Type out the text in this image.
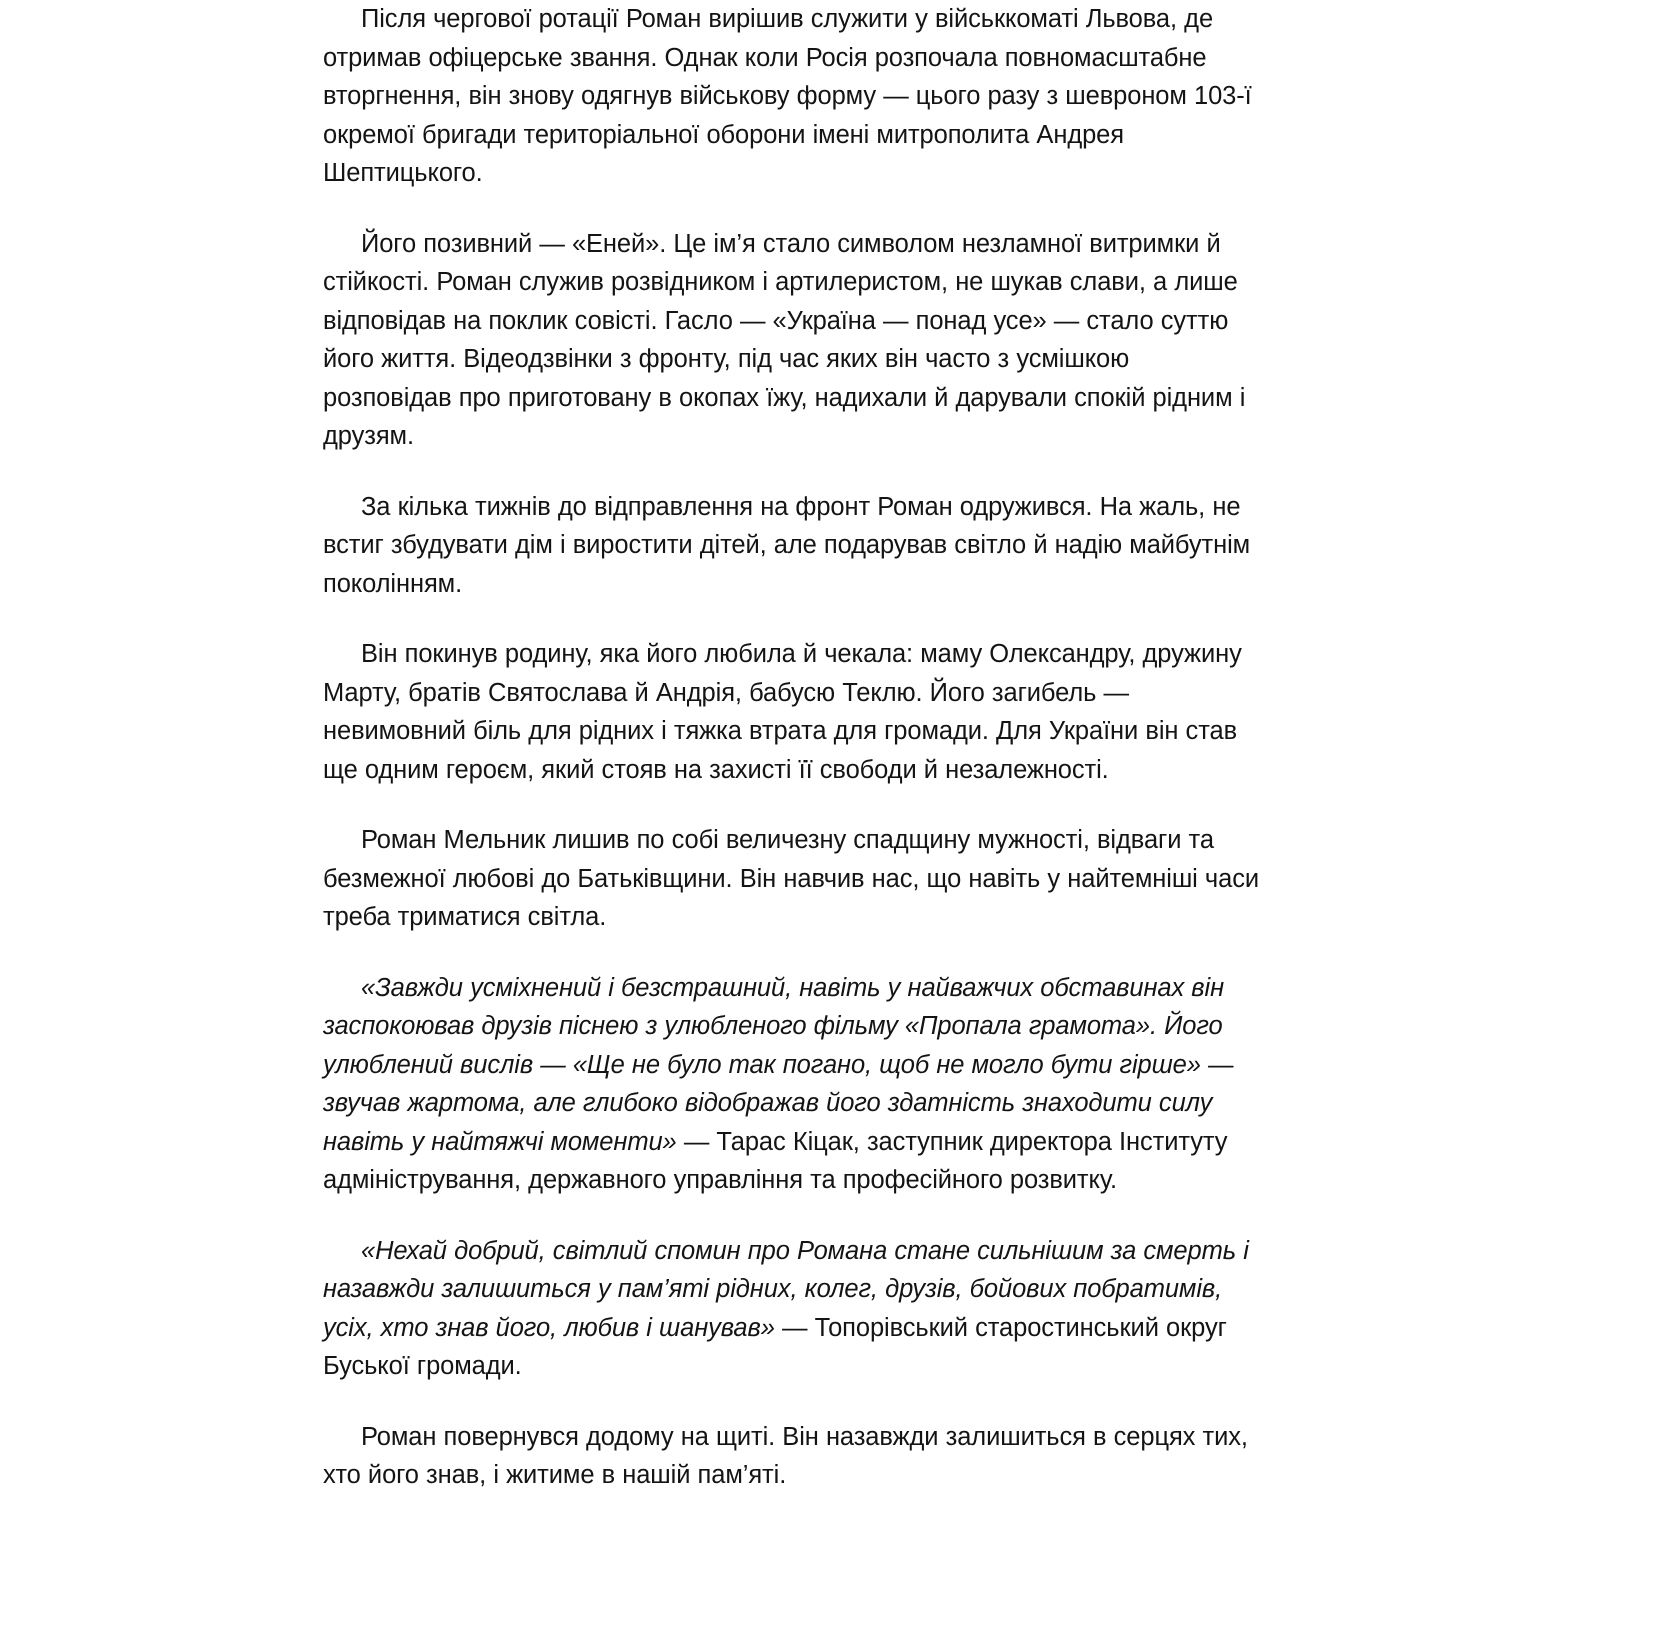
Після чергової ротації Роман вирішив служити у військкоматі Львова, де отримав офіцерське звання. Однак коли Росія розпочала повномасштабне вторгнення, він знову одягнув військову форму — цього разу з шевроном 103-ї окремої бригади територіальної оборони імені митрополита Андрея Шептицького.

Його позивний — «Еней». Це ім’я стало символом незламної витримки й стійкості. Роман служив розвідником і артилеристом, не шукав слави, а лише відповідав на поклик совісті. Гасло — «Україна — понад усе» — стало суттю його життя. Відеодзвінки з фронту, під час яких він часто з усмішкою розповідав про приготовану в окопах їжу, надихали й дарували спокій рідним і друзям.

За кілька тижнів до відправлення на фронт Роман одружився. На жаль, не встиг збудувати дім і виростити дітей, але подарував світло й надію майбутнім поколінням.

Він покинув родину, яка його любила й чекала: маму Олександру, дружину Марту, братів Святослава й Андрія, бабусю Теклю. Його загибель — невимовний біль для рідних і тяжка втрата для громади. Для України він став ще одним героєм, який стояв на захисті її свободи й незалежності.

Роман Мельник лишив по собі величезну спадщину мужності, відваги та безмежної любові до Батьківщини. Він навчив нас, що навіть у найтемніші часи треба триматися світла.

«Завжди усміхнений і безстрашний, навіть у найважчих обставинах він заспокоював друзів піснею з улюбленого фільму «Пропала грамота». Його улюблений вислів — «Ще не було так погано, щоб не могло бути гірше» — звучав жартома, але глибоко відображав його здатність знаходити силу навіть у найтяжчі моменти» — Тарас Кіцак, заступник директора Інституту адміністрування, державного управління та професійного розвитку.

«Нехай добрий, світлий спомин про Романа стане сильнішим за смерть і назавжди залишиться у пам’яті рідних, колег, друзів, бойових побратимів, усіх, хто знав його, любив і шанував» — Топорівський старостинський округ Буської громади.

Роман повернувся додому на щиті. Він назавжди залишиться в серцях тих, хто його знав, і житиме в нашій пам’яті.
